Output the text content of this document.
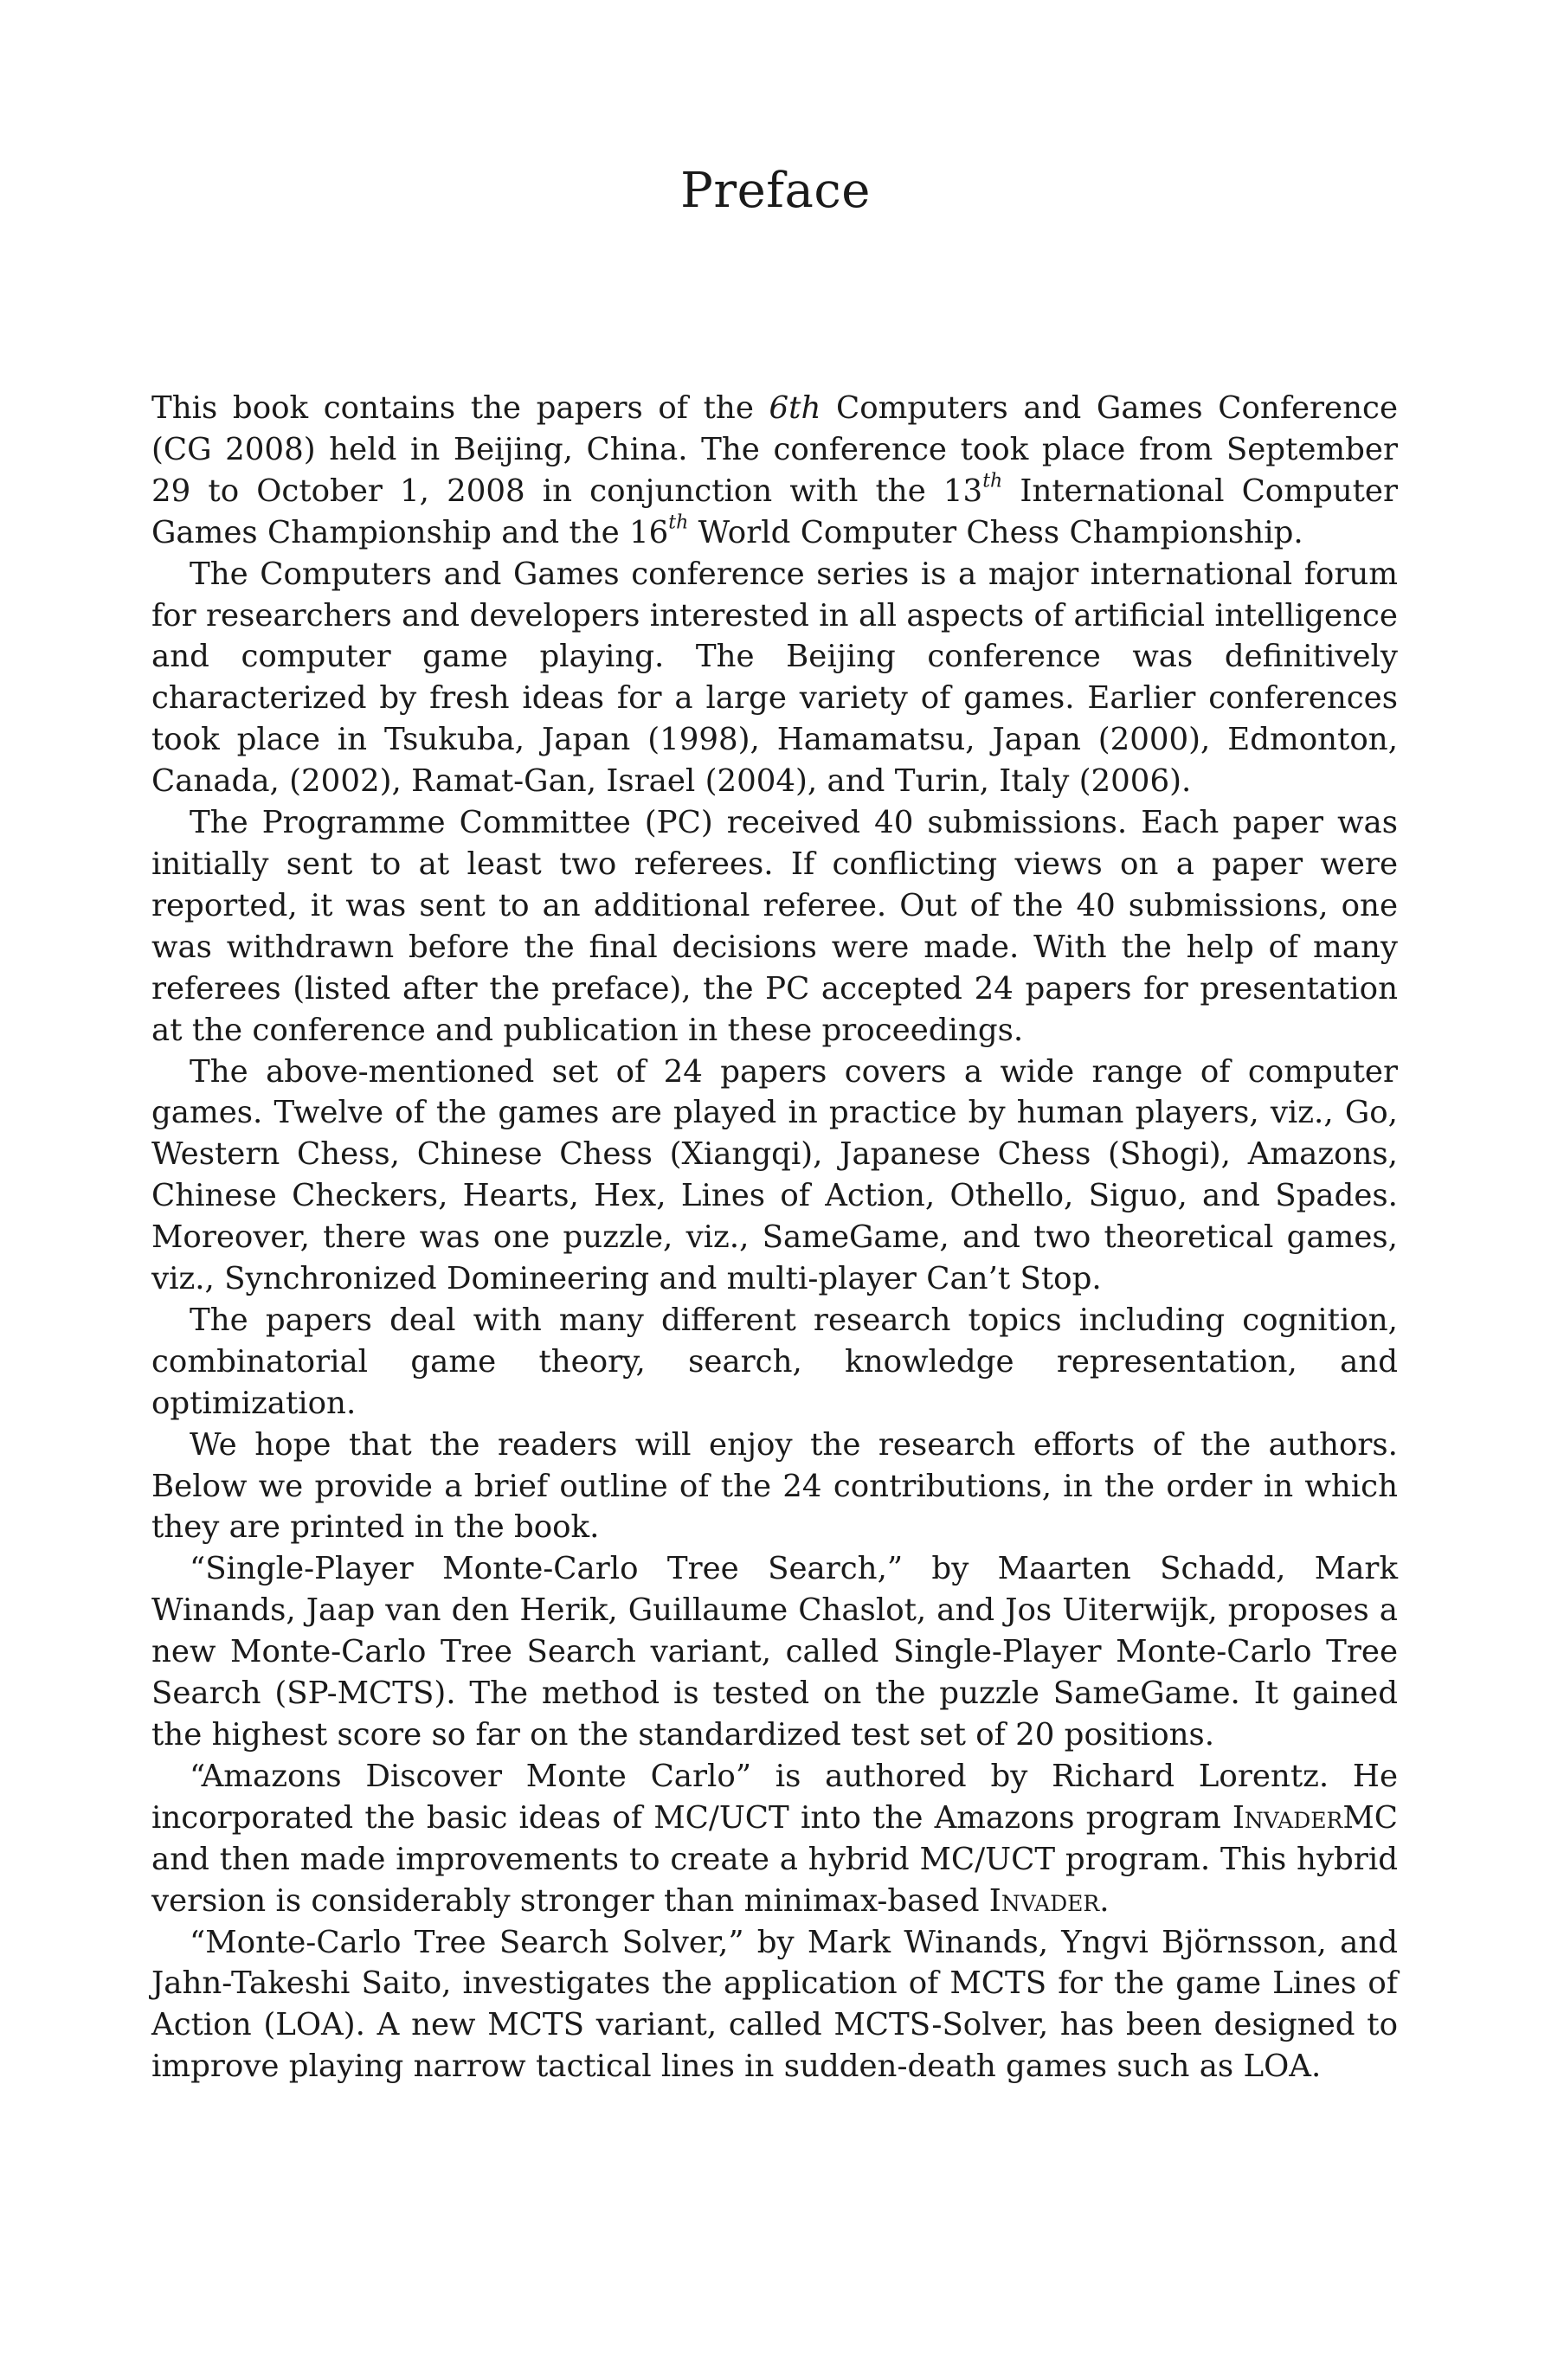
Preface

This book contains the papers of the 6th Computers and Games Conference (CG 2008) held in Beijing, China. The conference took place from September 29 to October 1, 2008 in conjunction with the 13th International Computer Games Championship and the 16th World Computer Chess Championship.

The Computers and Games conference series is a major international forum for researchers and developers interested in all aspects of artificial intelligence and computer game playing. The Beijing conference was definitively characterized by fresh ideas for a large variety of games. Earlier conferences took place in Tsukuba, Japan (1998), Hamamatsu, Japan (2000), Edmonton, Canada, (2002), Ramat-Gan, Israel (2004), and Turin, Italy (2006).

The Programme Committee (PC) received 40 submissions. Each paper was initially sent to at least two referees. If conflicting views on a paper were reported, it was sent to an additional referee. Out of the 40 submissions, one was withdrawn before the final decisions were made. With the help of many referees (listed after the preface), the PC accepted 24 papers for presentation at the conference and publication in these proceedings.

The above-mentioned set of 24 papers covers a wide range of computer games. Twelve of the games are played in practice by human players, viz., Go, Western Chess, Chinese Chess (Xiangqi), Japanese Chess (Shogi), Amazons, Chinese Checkers, Hearts, Hex, Lines of Action, Othello, Siguo, and Spades. Moreover, there was one puzzle, viz., SameGame, and two theoretical games, viz., Synchronized Domineering and multi-player Can’t Stop.

The papers deal with many different research topics including cognition, combinatorial game theory, search, knowledge representation, and optimization.

We hope that the readers will enjoy the research efforts of the authors. Below we provide a brief outline of the 24 contributions, in the order in which they are printed in the book.

“Single-Player Monte-Carlo Tree Search,” by Maarten Schadd, Mark Winands, Jaap van den Herik, Guillaume Chaslot, and Jos Uiterwijk, proposes a new Monte-Carlo Tree Search variant, called Single-Player Monte-Carlo Tree Search (SP-MCTS). The method is tested on the puzzle SameGame. It gained the highest score so far on the standardized test set of 20 positions.

“Amazons Discover Monte Carlo” is authored by Richard Lorentz. He incorporated the basic ideas of MC/UCT into the Amazons program InvaderMC and then made improvements to create a hybrid MC/UCT program. This hybrid version is considerably stronger than minimax-based Invader.

“Monte-Carlo Tree Search Solver,” by Mark Winands, Yngvi Björnsson, and Jahn-Takeshi Saito, investigates the application of MCTS for the game Lines of Action (LOA). A new MCTS variant, called MCTS-Solver, has been designed to improve playing narrow tactical lines in sudden-death games such as LOA.
